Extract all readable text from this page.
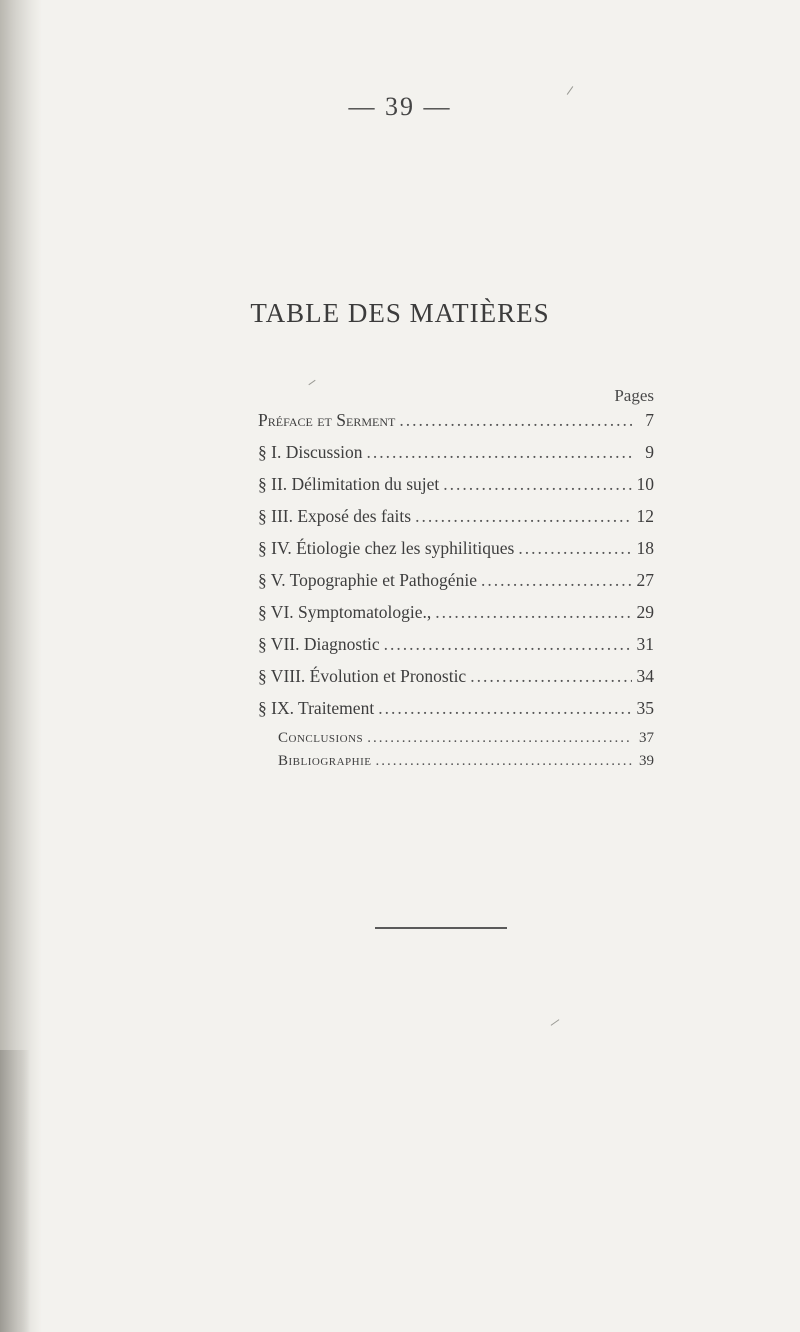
— 39 —
TABLE DES MATIÈRES
Pages
Préface et Serment .....	7
§ I. Discussion .....	9
§ II. Délimitation du sujet .....	10
§ III. Exposé des faits .....	12
§ IV. Étiologie chez les syphilitiques .....	18
§ V. Topographie et Pathogénie .....	27
§ VI. Symptomatologie., .....	29
§ VII. Diagnostic .....	31
§ VIII. Évolution et Pronostic .....	34
§ IX. Traitement .....	35
Conclusions .....	37
Bibliographie .....	39
